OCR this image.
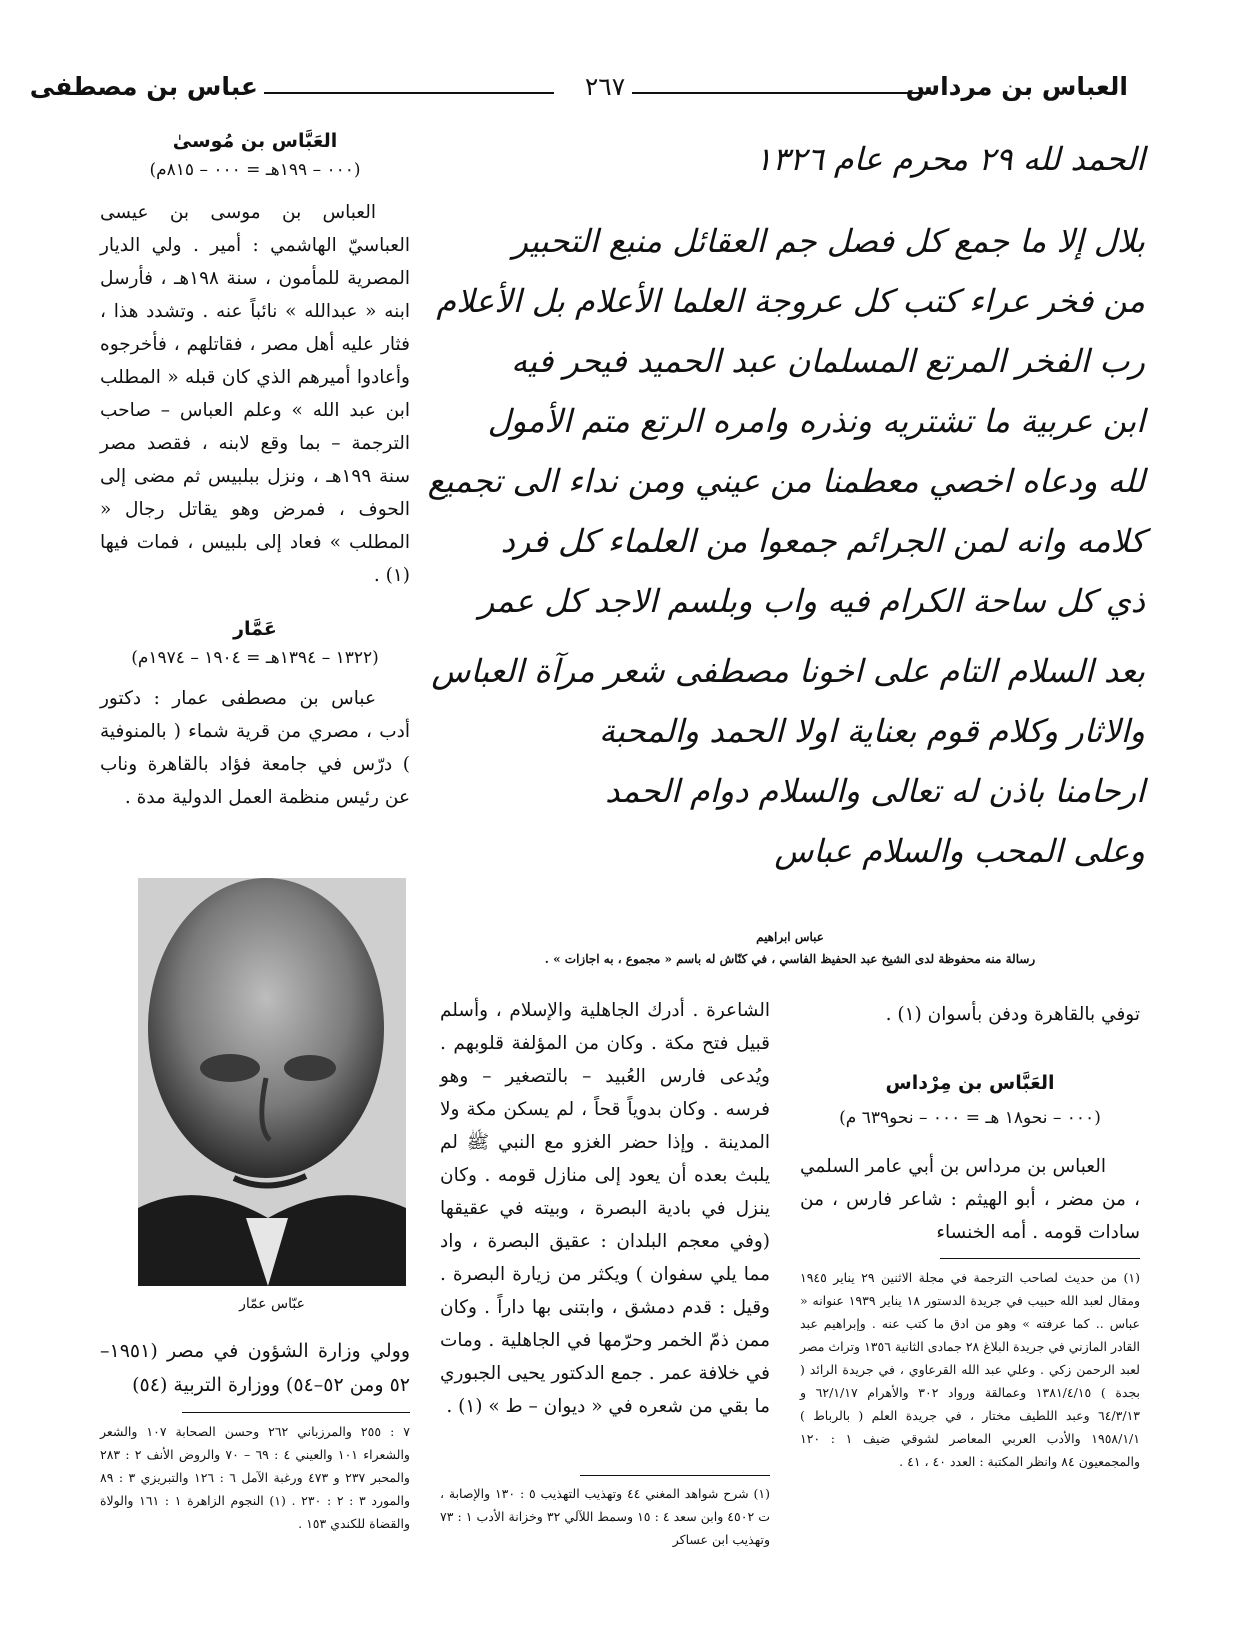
العباس بن مرداس
٢٦٧
عباس بن مصطفى
العَبَّاس بن مُوسىٰ
(٠٠٠ – ١٩٩هـ = ٠٠٠ – ٨١٥م)
العباس بن موسى بن عيسى العباسيّ الهاشمي : أمير . ولي الديار المصرية للمأمون ، سنة ١٩٨هـ ، فأرسل ابنه « عبدالله » نائباً عنه . وتشدد هذا ، فثار عليه أهل مصر ، فقاتلهم ، فأخرجوه وأعادوا أميرهم الذي كان قبله « المطلب ابن عبد الله » وعلم العباس – صاحب الترجمة – بما وقع لابنه ، فقصد مصر سنة ١٩٩هـ ، ونزل ببلبيس ثم مضى إلى الحوف ، فمرض وهو يقاتل رجال « المطلب » فعاد إلى بلبيس ، فمات فيها (١) .
عَمَّار
(١٣٢٢ – ١٣٩٤هـ = ١٩٠٤ – ١٩٧٤م)
عباس بن مصطفى عمار : دكتور أدب ، مصري من قرية شماء ( بالمنوفية ) درّس في جامعة فؤاد بالقاهرة وناب عن رئيس منظمة العمل الدولية مدة .
عبّاس عمّار
وولي وزارة الشؤون في مصر (١٩٥١–٥٢ ومن ٥٢–٥٤) ووزارة التربية (٥٤)
٧ : ٢٥٥ والمرزباني ٢٦٢ وحسن الصحابة ١٠٧ والشعر والشعراء ١٠١ والعيني ٤ : ٦٩ – ٧٠ والروض الأنف ٢ : ٢٨٣ والمحبر ٢٣٧ و ٤٧٣ ورغبة الآمل ٦ : ١٢٦ والتبريزي ٣ : ٨٩ والمورد ٣ : ٢ : ٢٣٠ . (١) النجوم الزاهرة ١ : ١٦١ والولاة والقضاة للكندي ١٥٣ .
الحمد لله ٢٩ محرم عام ١٣٢٦
بلال إلا ما جمع كل فصل جم العقائل منبع التحبير
من فخر عراء كتب كل عروجة العلما الأعلام بل الأعلام
رب الفخر المرتع المسلمان عبد الحميد فيحر فيه
ابن عربية ما تشتريه ونذره وامره الرتع متم الأمول
لله ودعاه اخصي معطمنا من عيني ومن نداء الى تجميع
كلامه وانه لمن الجرائم جمعوا من العلماء كل فرد
ذي كل ساحة الكرام فيه واب وبلسم الاجد كل عمر
بعد السلام التام على اخونا مصطفى شعر مرآة العباس
والاثار وكلام قوم بعناية اولا الحمد والمحبة
ارحامنا باذن له تعالى والسلام دوام الحمد
وعلى المحب والسلام عباس
عباس ابراهيم
رسالة منه محفوظة لدى الشيخ عبد الحفيظ الفاسي ، في كنّاش له باسم « مجموع ، به اجازات » .
الشاعرة . أدرك الجاهلية والإسلام ، وأسلم قبيل فتح مكة . وكان من المؤلفة قلوبهم . ويُدعى فارس العُبيد – بالتصغير – وهو فرسه . وكان بدوياً قحاً ، لم يسكن مكة ولا المدينة . وإذا حضر الغزو مع النبي ﷺ لم يلبث بعده أن يعود إلى منازل قومه . وكان ينزل في بادية البصرة ، وبيته في عقيقها (وفي معجم البلدان : عقيق البصرة ، واد مما يلي سفوان ) ويكثر من زيارة البصرة . وقيل : قدم دمشق ، وابتنى بها داراً . وكان ممن ذمّ الخمر وحرّمها في الجاهلية . ومات في خلافة عمر . جمع الدكتور يحيى الجبوري ما بقي من شعره في « ديوان – ط » (١) .
(١) شرح شواهد المغني ٤٤ وتهذيب التهذيب ٥ : ١٣٠ والإصابة ، ت ٤٥٠٢ وابن سعد ٤ : ١٥ وسمط اللآلي ٣٢ وخزانة الأدب ١ : ٧٣ وتهذيب ابن عساكر
توفي بالقاهرة ودفن بأسوان (١) .
العَبَّاس بن مِرْداس
(٠٠٠ – نحو١٨ هـ = ٠٠٠ – نحو٦٣٩ م)
العباس بن مرداس بن أبي عامر السلمي ، من مضر ، أبو الهيثم : شاعر فارس ، من سادات قومه . أمه الخنساء
(١) من حديث لصاحب الترجمة في مجلة الاثنين ٢٩ يناير ١٩٤٥ ومقال لعبد الله حبيب في جريدة الدستور ١٨ يناير ١٩٣٩ عنوانه « عباس .. كما عرفته » وهو من ادق ما كتب عنه . وإبراهيم عبد القادر المازني في جريدة البلاغ ٢٨ جمادى الثانية ١٣٥٦ وتراث مصر لعبد الرحمن زكي . وعلي عبد الله القرعاوي ، في جريدة الرائد ( بجدة ) ١٣٨١/٤/١٥ وعمالقة ورواد ٣٠٢ والأهرام ٦٢/١/١٧ و ٦٤/٣/١٣ وعبد اللطيف مختار ، في جريدة العلم ( بالرباط ) ١٩٥٨/١/١ والأدب العربي المعاصر لشوقي ضيف ١ : ١٢٠ والمجمعيون ٨٤ وانظر المكتبة : العدد ٤٠ ، ٤١ .
